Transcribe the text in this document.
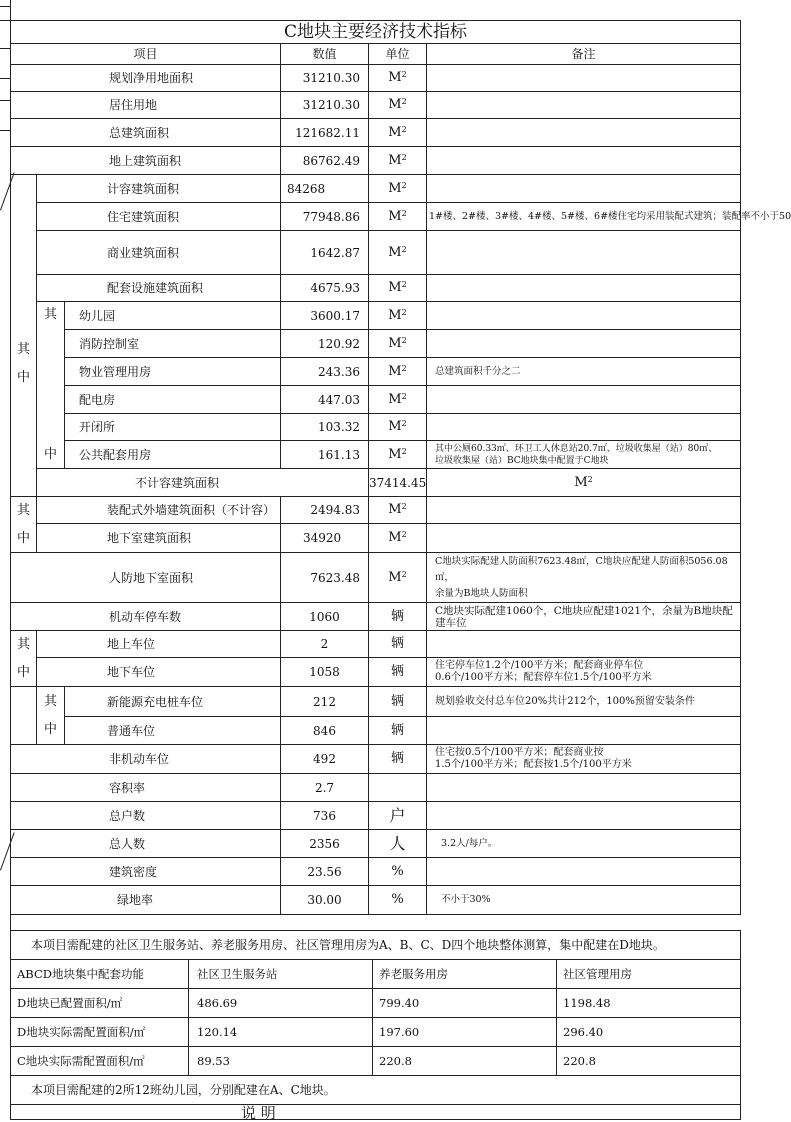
C地块主要经济技术指标						
项目			数值	单位	备注	
规划净用地面积			31210.30	$M^2$	
居住用地			31210.30	$M^2$	
总建筑面积			121682.11	$M^2$	
地上建筑面积			86762.49	$M^2$	

其

中	计容建筑面积		84268	$M^2$	
	住宅建筑面积		77948.86	$M^2$	1#楼、2#楼、3#楼、4#楼、5#楼、6#楼住宅均采用装配式建筑；装配率不小于50	
	商业建筑面积		1642.87	$M^2$	
	配套设施建筑面积		4675.93	$M^2$	
	其

中	幼儿园	3600.17	$M^2$	
		消防控制室	120.92	$M^2$	
		物业管理用房	243.36	$M^2$	总建筑面积千分之二	
		配电房	447.03	$M^2$	
		开闭所	103.32	$M^2$	
		公共配套用房	161.13	$M^2$	其中公厕60.33㎡、环卫工人休息站20.7㎡、垃圾收集屋（站）80㎡、
垃圾收集屋（站）BC地块集中配置于C地块	
	不计容建筑面积			37414.45	$M^2$	
其

中	装配式外墙建筑面积（不计容）		2494.83	$M^2$	
	地下室建筑面积		34920	$M^2$	
人防地下室面积			7623.48	$M^2$	C地块实际配建人防面积7623.48㎡，C地块应配建人防面积5056.08㎡，
余量为B地块人防面积	
机动车停车数			1060	辆	C地块实际配建1060个，C地块应配建1021个，余量为B地块配建车位	
其

中	地上车位		2	辆		
	地下车位		1058	辆	住宅停车位1.2个/100平方米；配套商业停车位
0.6个/100平方米；配套停车位1.5个/100平方米	
	其

中	新能源充电桩车位	212	辆	规划验收交付总车位20%共计212个，100%预留安装条件	
		普通车位	846	辆		
非机动车位			492	辆	住宅按0.5个/100平方米；配套商业按
1.5个/100平方米；配套按1.5个/100平方米	
容积率			2.7			
总户数			736	户		
总人数			2356	人	3.2人/每户。	
建筑密度			23.56	%		
绿地率			30.00	%	不小于30%	
本项目需配建的社区卫生服务站、养老服务用房、社区管理用房为A、B、C、D四个地块整体测算，集中配建在D地块。			
ABCD地块集中配套功能	社区卫生服务站	养老服务用房	社区管理用房
D地块已配置面积/㎡	486.69	799.40	1198.48
D地块实际需配置面积/㎡	120.14	197.60	296.40
C地块实际需配置面积/㎡	89.53	220.8	220.8
本项目需配建的2所12班幼儿园，分别配建在A、C地块。			
说 明			
